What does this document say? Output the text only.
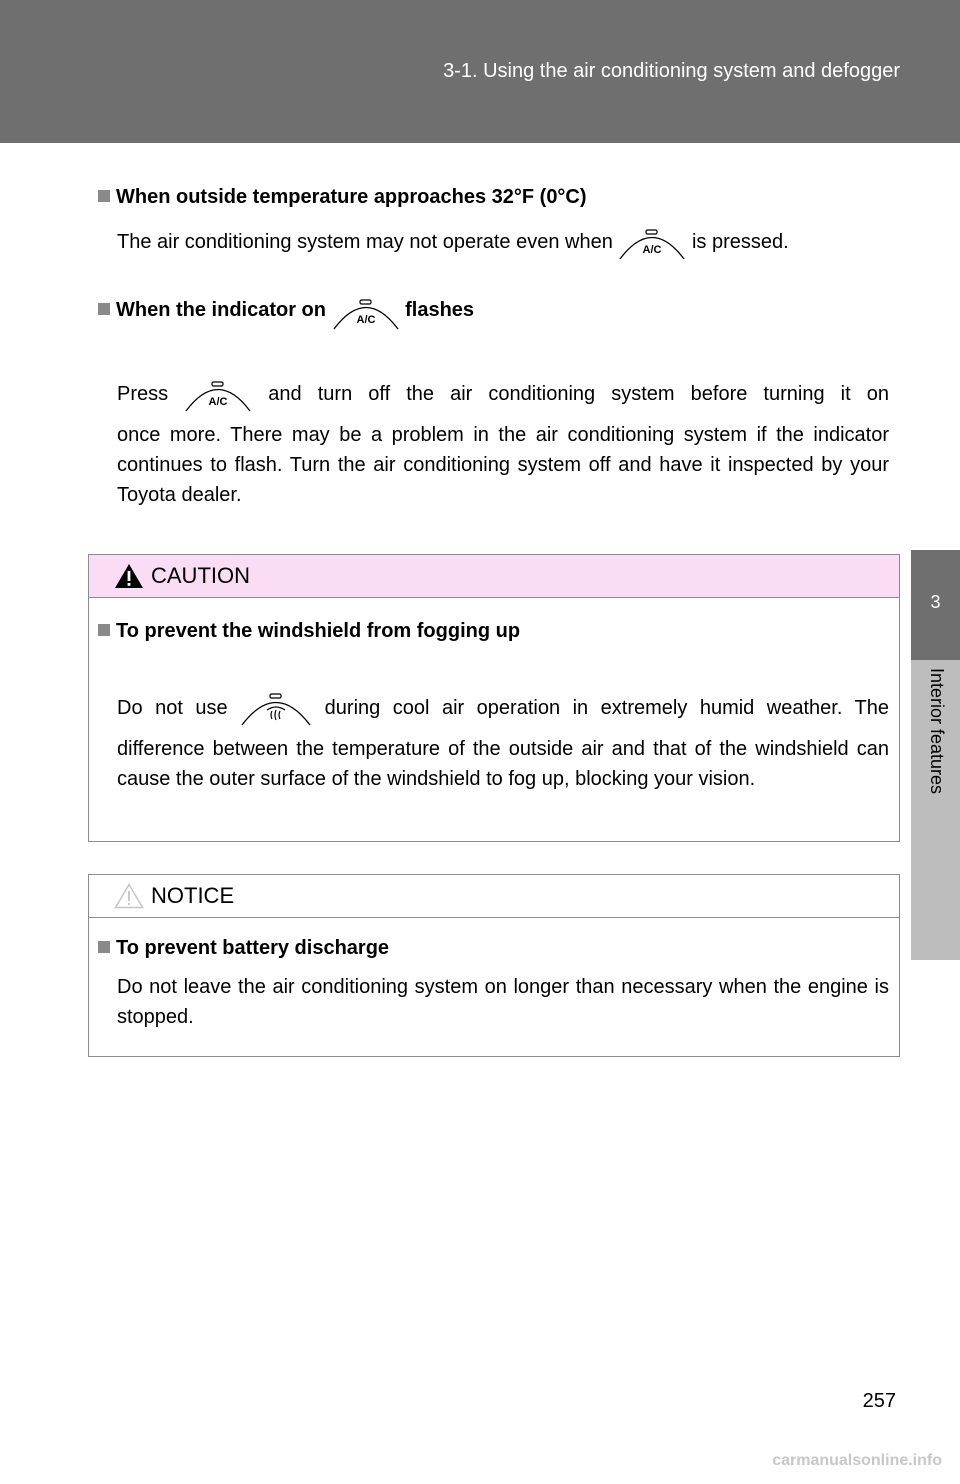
3-1. Using the air conditioning system and defogger
3
Interior features
When outside temperature approaches 32°F (0°C)
The air conditioning system may not operate even when	A/C is pressed.
When the indicator on	A/C flashes
Press	A/C and turn off the air conditioning system before turning it on
once more. There may be a problem in the air conditioning system if the indicator continues to flash. Turn the air conditioning system off and have it inspected by your Toyota dealer.
CAUTION
To prevent the windshield from fogging up
Do not use	during cool air operation in extremely humid weather. The
difference between the temperature of the outside air and that of the windshield can cause the outer surface of the windshield to fog up, blocking your vision.
NOTICE
To prevent battery discharge
Do not leave the air conditioning system on longer than necessary when the engine is stopped.
257
carmanualsonline.info
